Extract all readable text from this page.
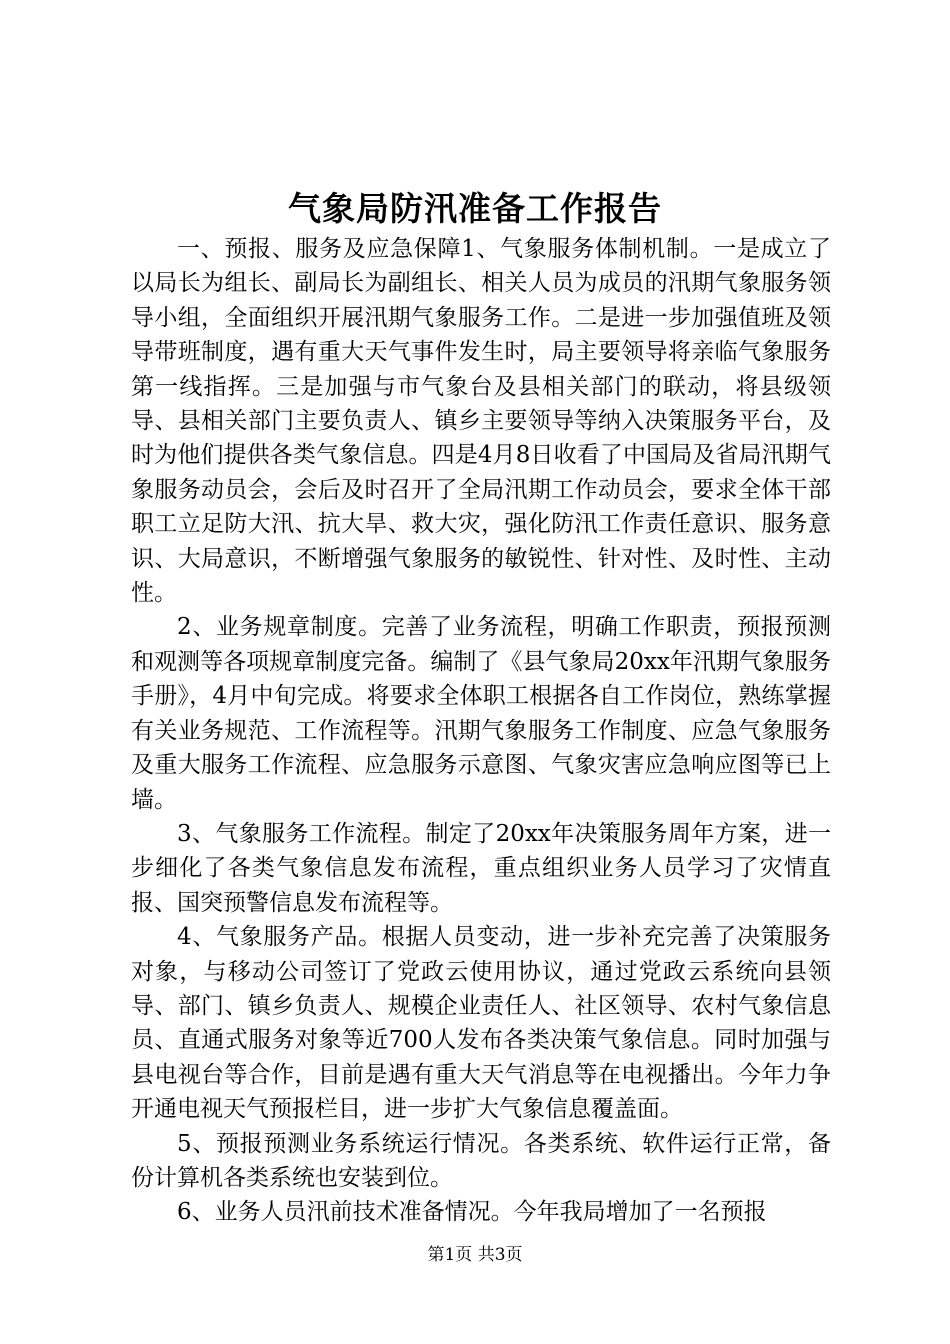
气象局防汛准备工作报告

一、预报、服务及应急保障1、气象服务体制机制。一是成立了以局长为组长、副局长为副组长、相关人员为成员的汛期气象服务领导小组，全面组织开展汛期气象服务工作。二是进一步加强值班及领导带班制度，遇有重大天气事件发生时，局主要领导将亲临气象服务第一线指挥。三是加强与市气象台及县相关部门的联动，将县级领导、县相关部门主要负责人、镇乡主要领导等纳入决策服务平台，及时为他们提供各类气象信息。四是4月8日收看了中国局及省局汛期气象服务动员会，会后及时召开了全局汛期工作动员会，要求全体干部职工立足防大汛、抗大旱、救大灾，强化防汛工作责任意识、服务意识、大局意识，不断增强气象服务的敏锐性、针对性、及时性、主动性。

2、业务规章制度。完善了业务流程，明确工作职责，预报预测和观测等各项规章制度完备。编制了《县气象局20xx年汛期气象服务手册》，4月中旬完成。将要求全体职工根据各自工作岗位，熟练掌握有关业务规范、工作流程等。汛期气象服务工作制度、应急气象服务及重大服务工作流程、应急服务示意图、气象灾害应急响应图等已上墙。

3、气象服务工作流程。制定了20xx年决策服务周年方案，进一步细化了各类气象信息发布流程，重点组织业务人员学习了灾情直报、国突预警信息发布流程等。

4、气象服务产品。根据人员变动，进一步补充完善了决策服务对象，与移动公司签订了党政云使用协议，通过党政云系统向县领导、部门、镇乡负责人、规模企业责任人、社区领导、农村气象信息员、直通式服务对象等近700人发布各类决策气象信息。同时加强与县电视台等合作，目前是遇有重大天气消息等在电视播出。今年力争开通电视天气预报栏目，进一步扩大气象信息覆盖面。

5、预报预测业务系统运行情况。各类系统、软件运行正常，备份计算机各类系统也安装到位。

6、业务人员汛前技术准备情况。今年我局增加了一名预报

第1页 共3页
